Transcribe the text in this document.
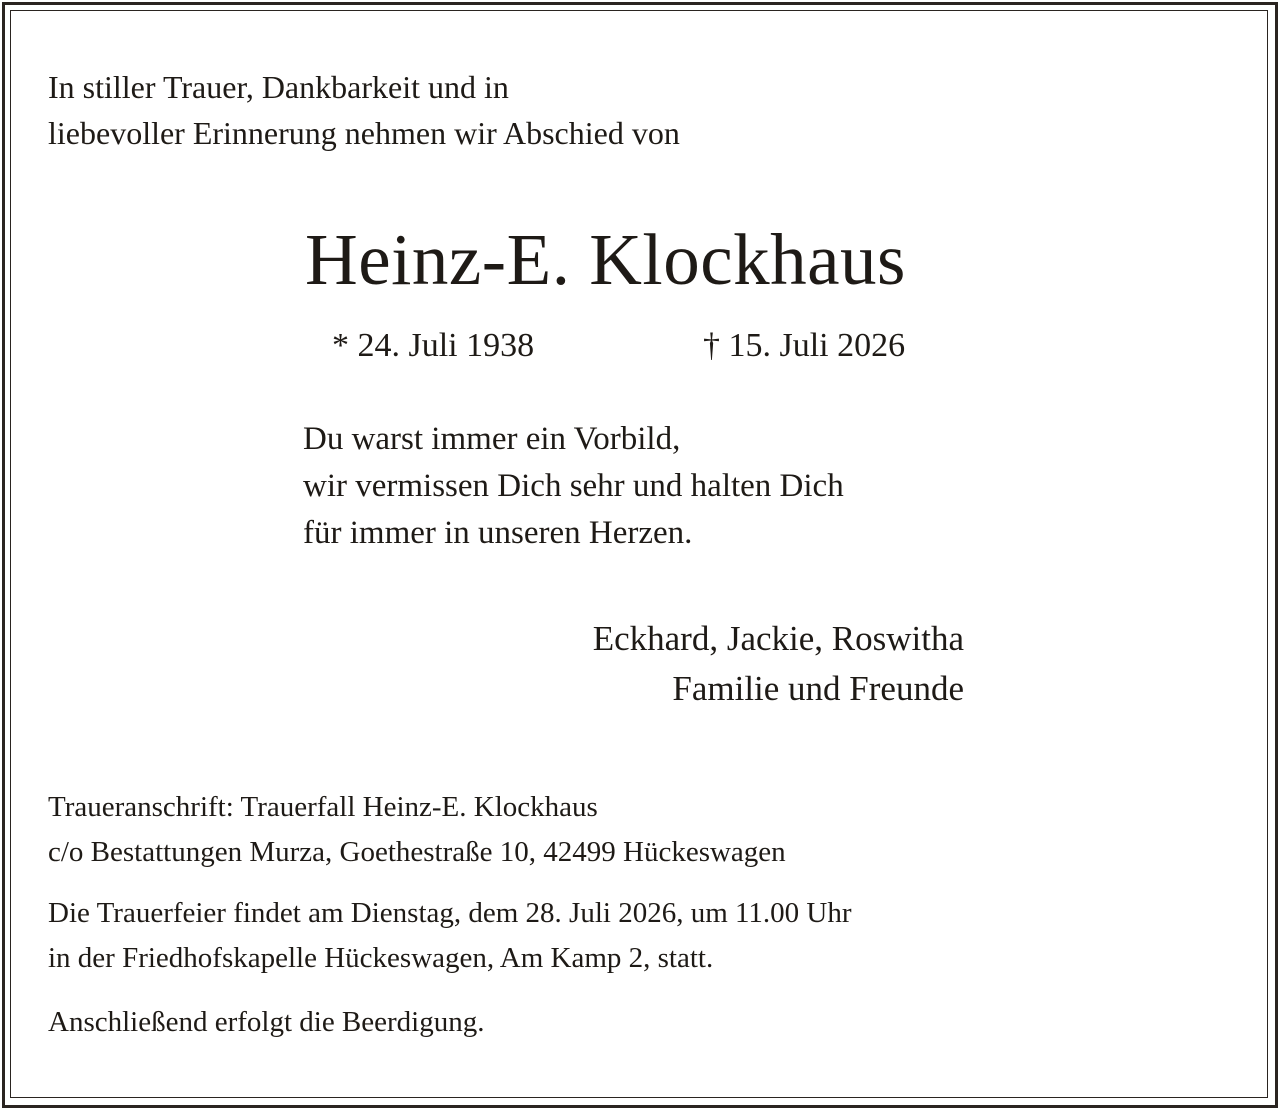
In stiller Trauer, Dankbarkeit und in
liebevoller Erinnerung nehmen wir Abschied von
Heinz-E. Klockhaus
* 24. Juli 1938	† 15. Juli 2026
Du warst immer ein Vorbild,
wir vermissen Dich sehr und halten Dich
für immer in unseren Herzen.
Eckhard, Jackie, Roswitha
Familie und Freunde
Traueranschrift: Trauerfall Heinz-E. Klockhaus
c/o Bestattungen Murza, Goethestraße 10, 42499 Hückeswagen
Die Trauerfeier findet am Dienstag, dem 28. Juli 2026, um 11.00 Uhr
in der Friedhofskapelle Hückeswagen, Am Kamp 2, statt.
Anschließend erfolgt die Beerdigung.
